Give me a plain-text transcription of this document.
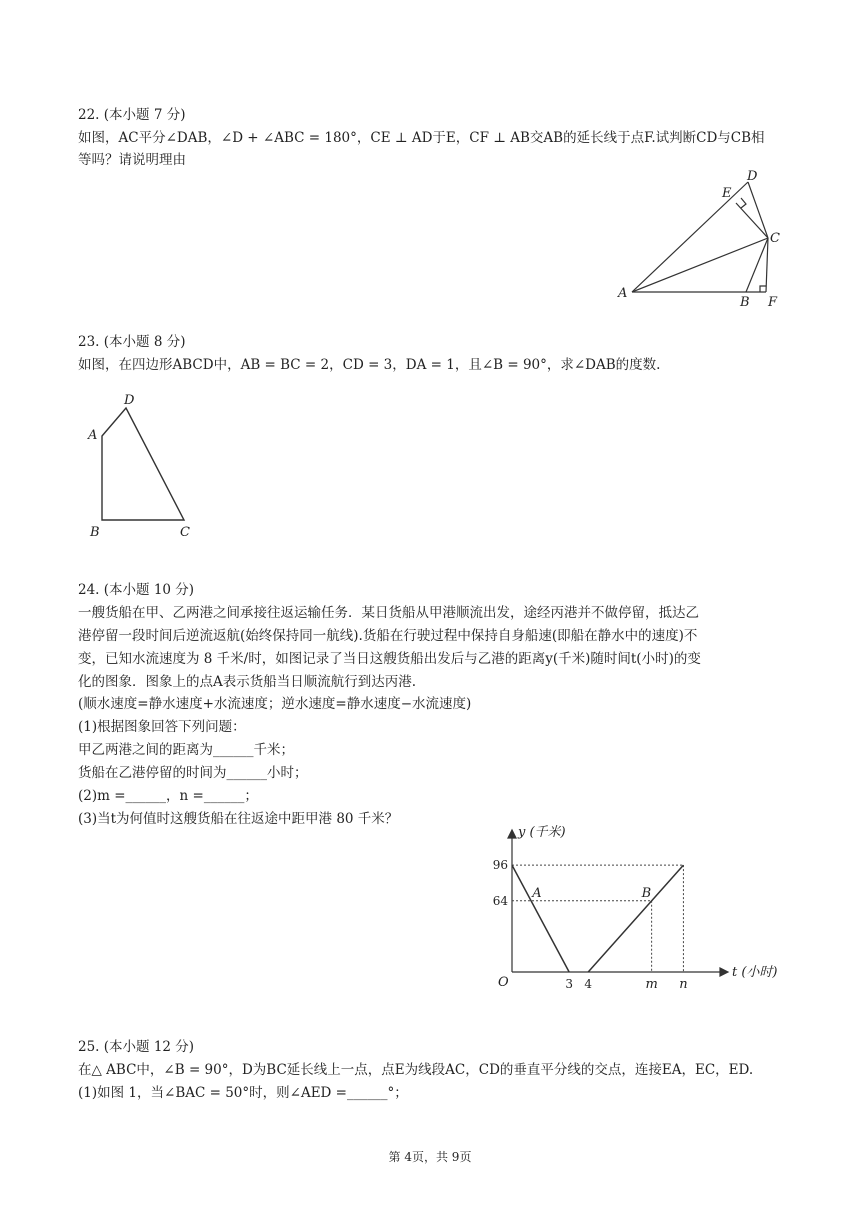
22. (本小题 7 分)
如图，AC平分∠DAB，∠D + ∠ABC = 180°，CE ⊥ AD于E，CF ⊥ AB交AB的延长线于点F.试判断CD与CB相
等吗？请说明理由
A
B
C
D
E
F
23. (本小题 8 分)
如图，在四边形ABCD中，AB = BC = 2，CD = 3，DA = 1，且∠B = 90°，求∠DAB的度数.
A
B	C
D
24. (本小题 10 分)
一艘货船在甲、乙两港之间承接往返运输任务．某日货船从甲港顺流出发，途经丙港并不做停留，抵达乙
港停留一段时间后逆流返航(始终保持同一航线).货船在行驶过程中保持自身船速(即船在静水中的速度)不
变，已知水流速度为 8 千米/时，如图记录了当日这艘货船出发后与乙港的距离y(千米)随时间t(小时)的变
化的图象．图象上的点A表示货船当日顺流航行到达丙港.
(顺水速度=静水速度+水流速度；逆水速度=静水速度−水流速度)
(1)根据图象回答下列问题：
甲乙两港之间的距离为______千米；
货船在乙港停留的时间为______小时；
(2)m =______，n =______；
(3)当t为何值时这艘货船在往返途中距甲港 80 千米？
96
64
3 4	m n
A	B
y (千米)
t (小时)
O
25. (本小题 12 分)
在△ ABC中，∠B = 90°，D为BC延长线上一点，点E为线段AC，CD的垂直平分线的交点，连接EA，EC，ED.
(1)如图 1，当∠BAC = 50°时，则∠AED =______°；
第 4页，共 9页
